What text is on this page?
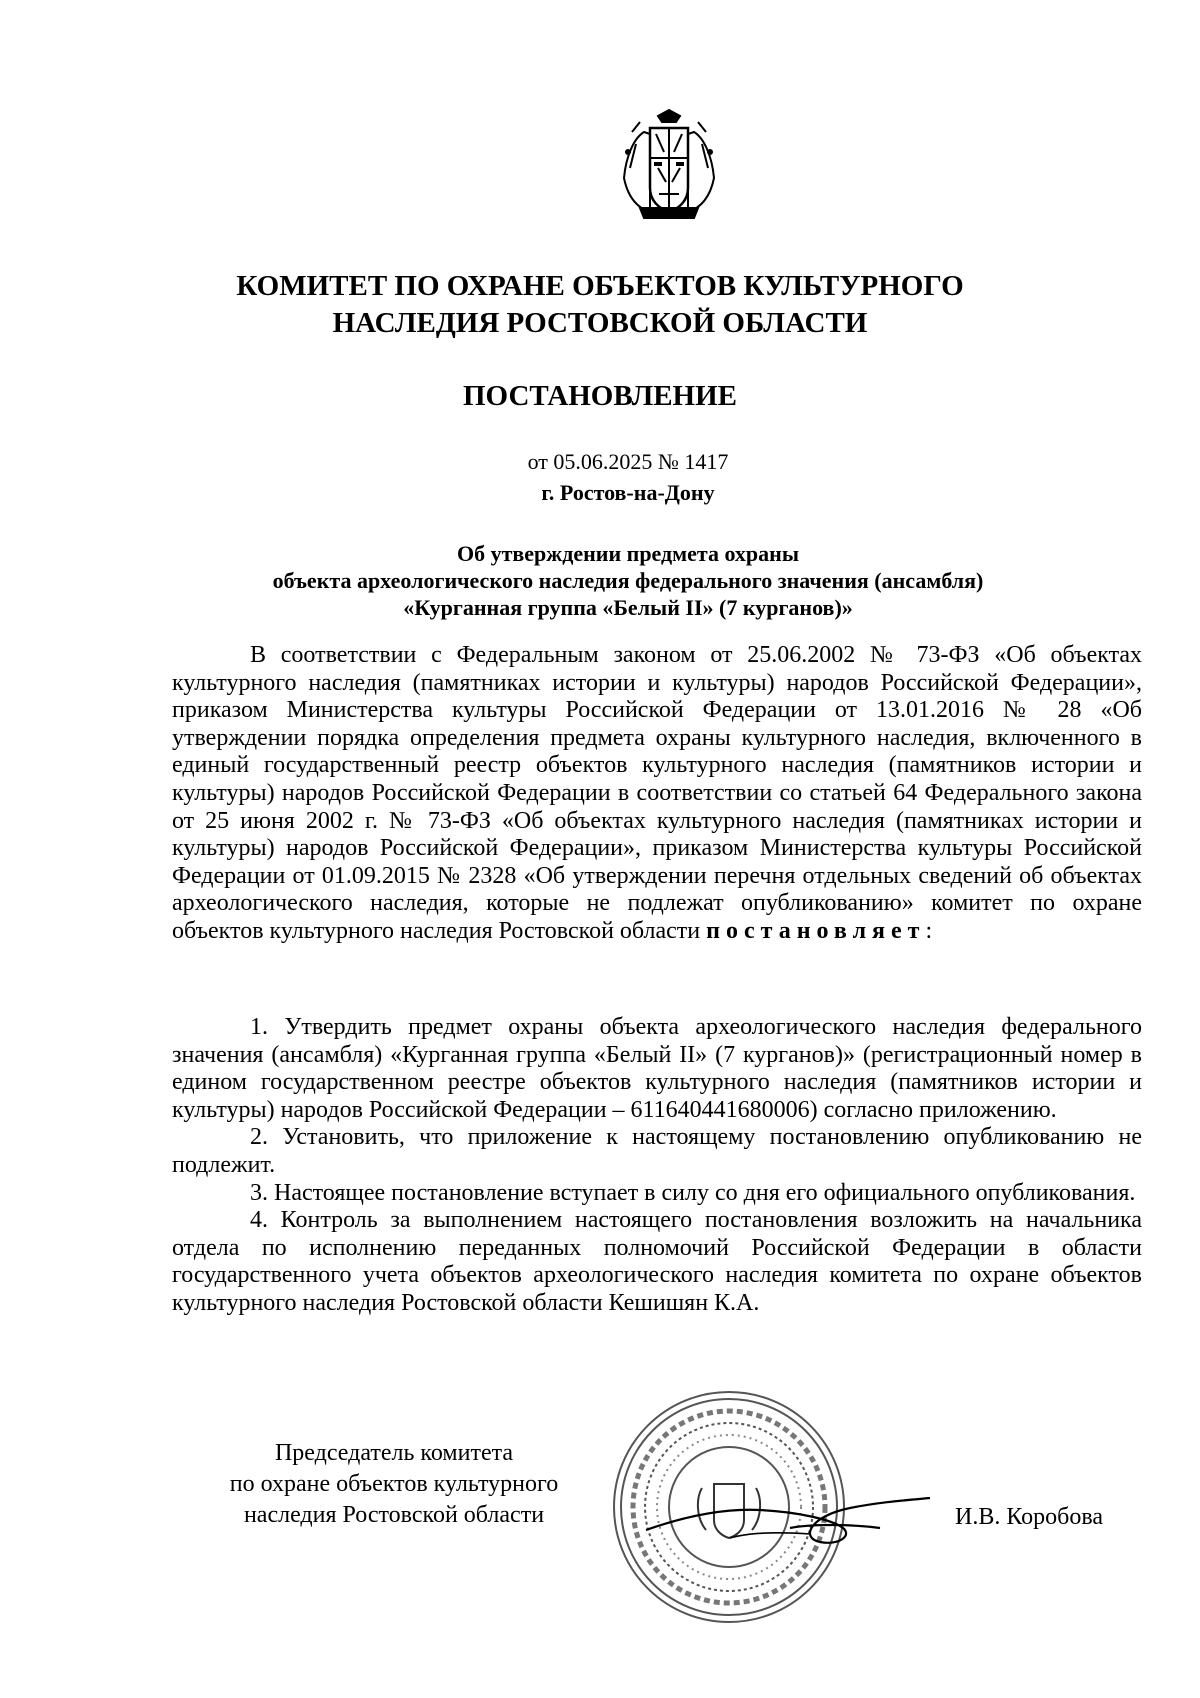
КОМИТЕТ ПО ОХРАНЕ ОБЪЕКТОВ КУЛЬТУРНОГО
НАСЛЕДИЯ РОСТОВСКОЙ ОБЛАСТИ
ПОСТАНОВЛЕНИЕ
от 05.06.2025 № 1417
г. Ростов-на-Дону
Об утверждении предмета охраны
объекта археологического наследия федерального значения (ансамбля)
«Курганная группа «Белый II» (7 курганов)»

В соответствии с Федеральным законом от 25.06.2002 № 73-ФЗ «Об объектах культурного наследия (памятниках истории и культуры) народов Российской Федерации», приказом Министерства культуры Российской Федерации от 13.01.2016 № 28 «Об утверждении порядка определения предмета охраны культурного наследия, включенного в единый государственный реестр объектов культурного наследия (памятников истории и культуры) народов Российской Федерации в соответствии со статьей 64 Федерального закона от 25 июня 2002 г. № 73-ФЗ «Об объектах культурного наследия (памятниках истории и культуры) народов Российской Федерации», приказом Министерства культуры Российской Федерации от 01.09.2015 № 2328 «Об утверждении перечня отдельных сведений об объектах археологического наследия, которые не подлежат опубликованию» комитет по охране объектов культурного наследия Ростовской области постановляет:

1. Утвердить предмет охраны объекта археологического наследия федерального значения (ансамбля) «Курганная группа «Белый II» (7 курганов)» (регистрационный номер в едином государственном реестре объектов культурного наследия (памятников истории и культуры) народов Российской Федерации – 611640441680006) согласно приложению.

2. Установить, что приложение к настоящему постановлению опубликованию не подлежит.

3. Настоящее постановление вступает в силу со дня его официального опубликования.

4. Контроль за выполнением настоящего постановления возложить на начальника отдела по исполнению переданных полномочий Российской Федерации в области государственного учета объектов археологического наследия комитета по охране объектов культурного наследия Ростовской области Кешишян К.А.

Председатель комитета
по охране объектов культурного
наследия Ростовской области	И.В. Коробова
